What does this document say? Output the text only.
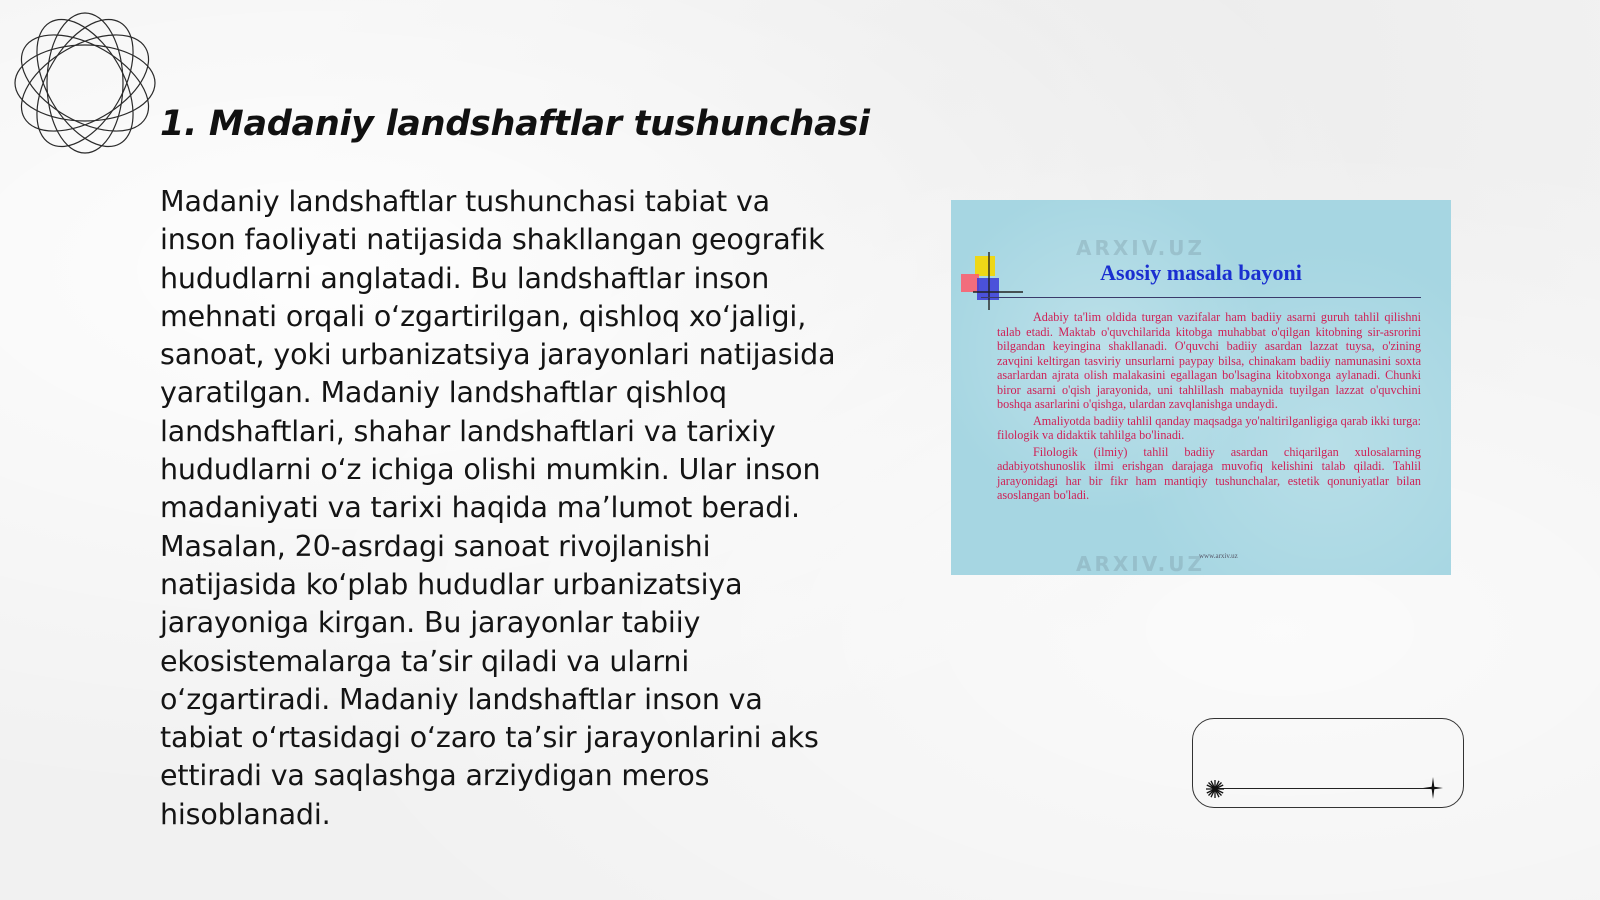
1. Madaniy landshaftlar tushunchasi

Madaniy landshaftlar tushunchasi tabiat va inson faoliyati natijasida shakllangan geografik hududlarni anglatadi. Bu landshaftlar inson mehnati orqali oʻzgartirilgan, qishloq xoʻjaligi, sanoat, yoki urbanizatsiya jarayonlari natijasida yaratilgan. Madaniy landshaftlar qishloq landshaftlari, shahar landshaftlari va tarixiy hududlarni oʻz ichiga olishi mumkin. Ular inson madaniyati va tarixi haqida maʼlumot beradi. Masalan, 20-asrdagi sanoat rivojlanishi natijasida koʻplab hududlar urbanizatsiya jarayoniga kirgan. Bu jarayonlar tabiiy ekosistemalarga taʼsir qiladi va ularni oʻzgartiradi. Madaniy landshaftlar inson va tabiat oʻrtasidagi oʻzaro taʼsir jarayonlarini aks ettiradi va saqlashga arziydigan meros hisoblanadi.

ARXIV.UZ
Asosiy masala bayoni

Adabiy ta'lim oldida turgan vazifalar ham badiiy asarni guruh tahlil qilishni talab etadi. Maktab o'quvchilarida kitobga muhabbat o'qilgan kitobning sir-asrorini bilgandan keyingina shakllanadi. O'quvchi badiiy asardan lazzat tuysa, o'zining zavqini keltirgan tasviriy unsurlarni paypay bilsa, chinakam badiiy namunasini soxta asarlardan ajrata olish malakasini egallagan bo'lsagina kitobxonga aylanadi. Chunki biror asarni o'qish jarayonida, uni tahlillash mabaynida tuyilgan lazzat o'quvchini boshqa asarlarini o'qishga, ulardan zavqlanishga undaydi.

Amaliyotda badiiy tahlil qanday maqsadga yo'naltirilganligiga qarab ikki turga: filologik va didaktik tahlilga bo'linadi.

Filologik (ilmiy) tahlil badiiy asardan chiqarilgan xulosalarning adabiyotshunoslik ilmi erishgan darajaga muvofiq kelishini talab qiladi. Tahlil jarayonidagi har bir fikr ham mantiqiy tushunchalar, estetik qonuniyatlar bilan asoslangan bo'ladi.

ARXIV.UZ
www.arxiv.uz
